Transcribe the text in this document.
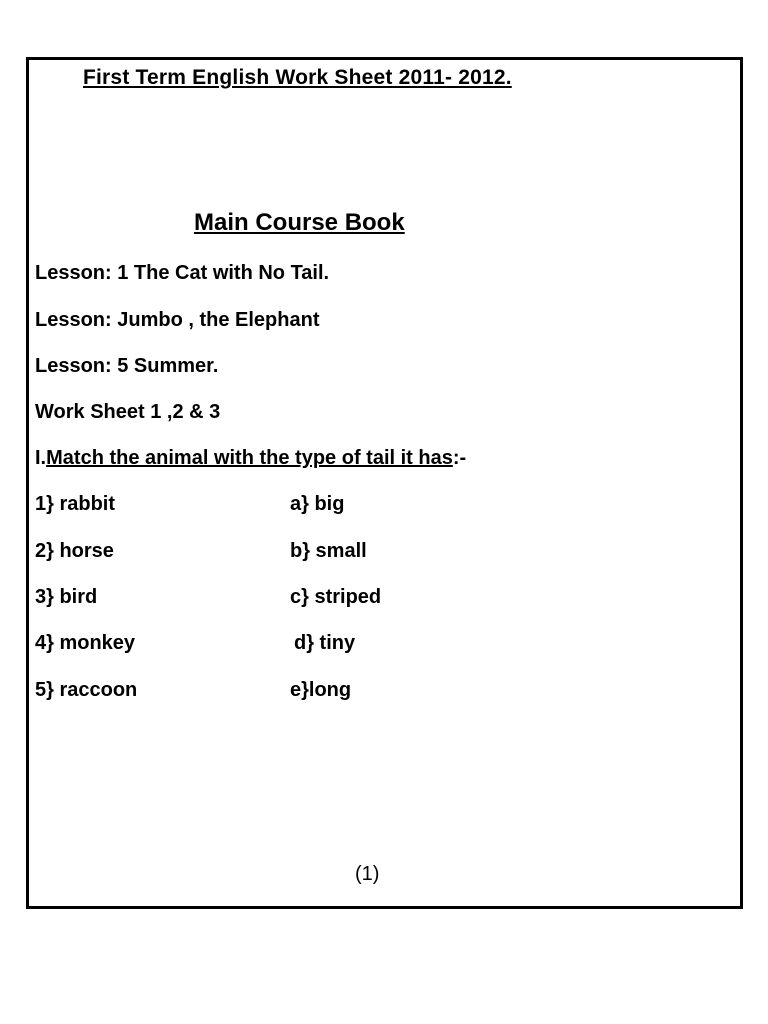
First Term English Work Sheet 2011- 2012.
Main Course Book
Lesson: 1 The Cat with No Tail.
Lesson: Jumbo , the Elephant
Lesson: 5 Summer.
Work Sheet 1 ,2 & 3
I.Match the animal with the type of tail it has:-
1} rabbit
2} horse
3} bird
4} monkey
5} raccoon
a} big
b} small
c} striped
d} tiny
e}long
(1)
